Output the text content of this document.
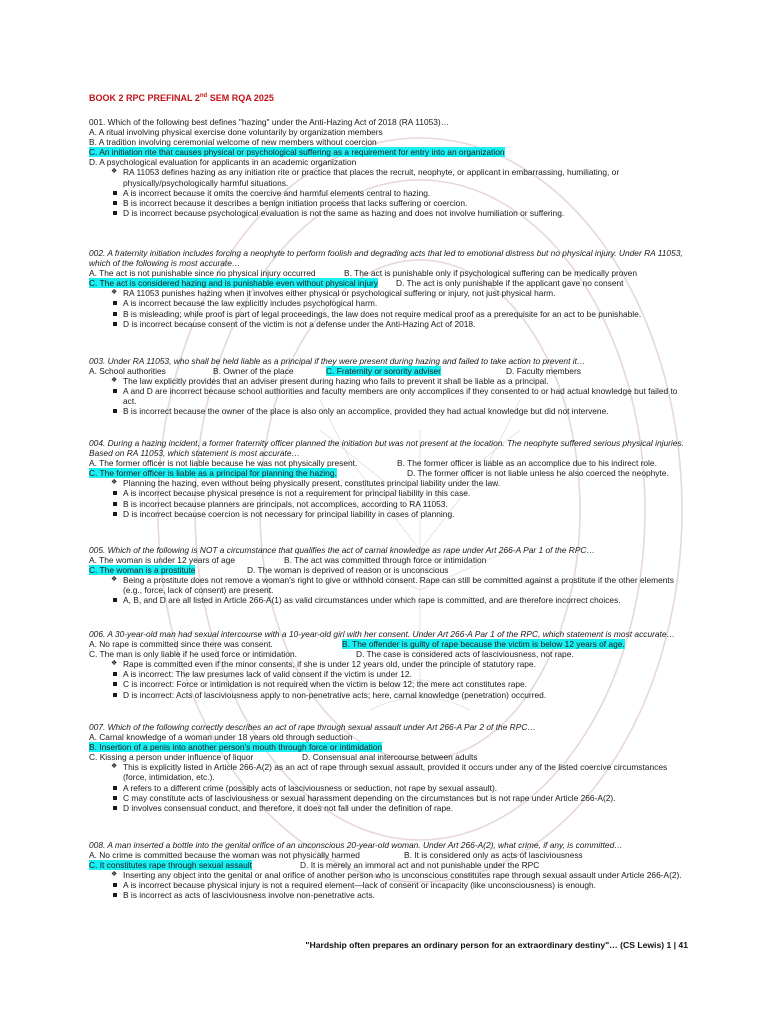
BOOK 2 RPC PREFINAL 2nd SEM RQA 2025
001. Which of the following best defines "hazing" under the Anti-Hazing Act of 2018 (RA 11053)…
A. A ritual involving physical exercise done voluntarily by organization members
B. A tradition involving ceremonial welcome of new members without coercion
C. An initiation rite that causes physical or psychological suffering as a requirement for entry into an organization
D. A psychological evaluation for applicants in an academic organization
❖ RA 11053 defines hazing as any initiation rite or practice that places the recruit, neophyte, or applicant in embarrassing, humiliating, or physically/psychologically harmful situations.
A is incorrect because it omits the coercive and harmful elements central to hazing.
B is incorrect because it describes a benign initiation process that lacks suffering or coercion.
D is incorrect because psychological evaluation is not the same as hazing and does not involve humiliation or suffering.
002. A fraternity initiation includes forcing a neophyte to perform foolish and degrading acts that led to emotional distress but no physical injury. Under RA 11053, which of the following is most accurate…
A. The act is not punishable since no physical injury occurred	B. The act is punishable only if psychological suffering can be medically proven
C. The act is considered hazing and is punishable even without physical injury D. The act is only punishable if the applicant gave no consent
❖ RA 11053 punishes hazing when it involves either physical or psychological suffering or injury, not just physical harm.
A is incorrect because the law explicitly includes psychological harm.
B is misleading; while proof is part of legal proceedings, the law does not require medical proof as a prerequisite for an act to be punishable.
D is incorrect because consent of the victim is not a defense under the Anti-Hazing Act of 2018.
003. Under RA 11053, who shall be held liable as a principal if they were present during hazing and failed to take action to prevent it…
A. School authorities	B. Owner of the place	C. Fraternity or sorority adviser	D. Faculty members
❖ The law explicitly provides that an adviser present during hazing who fails to prevent it shall be liable as a principal.
A and D are incorrect because school authorities and faculty members are only accomplices if they consented to or had actual knowledge but failed to act.
B is incorrect because the owner of the place is also only an accomplice, provided they had actual knowledge but did not intervene.
004. During a hazing incident, a former fraternity officer planned the initiation but was not present at the location. The neophyte suffered serious physical injuries. Based on RA 11053, which statement is most accurate…
A. The former officer is not liable because he was not physically present.	B. The former officer is liable as an accomplice due to his indirect role.
C. The former officer is liable as a principal for planning the hazing.	D. The former officer is not liable unless he also coerced the neophyte.
❖ Planning the hazing, even without being physically present, constitutes principal liability under the law.
A is incorrect because physical presence is not a requirement for principal liability in this case.
B is incorrect because planners are principals, not accomplices, according to RA 11053.
D is incorrect because coercion is not necessary for principal liability in cases of planning.
005. Which of the following is NOT a circumstance that qualifies the act of carnal knowledge as rape under Art 266-A Par 1 of the RPC…
A. The woman is under 12 years of age	B. The act was committed through force or intimidation
C. The woman is a prostitute	D. The woman is deprived of reason or is unconscious
❖ Being a prostitute does not remove a woman's right to give or withhold consent. Rape can still be committed against a prostitute if the other elements (e.g., force, lack of consent) are present.
A, B, and D are all listed in Article 266-A(1) as valid circumstances under which rape is committed, and are therefore incorrect choices.
006. A 30-year-old man had sexual intercourse with a 10-year-old girl with her consent. Under Art 266-A Par 1 of the RPC, which statement is most accurate…
A. No rape is committed since there was consent.	B. The offender is guilty of rape because the victim is below 12 years of age.
C. The man is only liable if he used force or intimidation.	D. The case is considered acts of lasciviousness, not rape.
❖ Rape is committed even if the minor consents, if she is under 12 years old, under the principle of statutory rape.
A is incorrect: The law presumes lack of valid consent if the victim is under 12.
C is incorrect: Force or intimidation is not required when the victim is below 12; the mere act constitutes rape.
D is incorrect: Acts of lasciviousness apply to non-penetrative acts; here, carnal knowledge (penetration) occurred.
007. Which of the following correctly describes an act of rape through sexual assault under Art 266-A Par 2 of the RPC…
A. Carnal knowledge of a woman under 18 years old through seduction
B. Insertion of a penis into another person's mouth through force or intimidation
C. Kissing a person under influence of liquor	D. Consensual anal intercourse between adults
❖ This is explicitly listed in Article 266-A(2) as an act of rape through sexual assault, provided it occurs under any of the listed coercive circumstances (force, intimidation, etc.).
A refers to a different crime (possibly acts of lasciviousness or seduction, not rape by sexual assault).
C may constitute acts of lasciviousness or sexual harassment depending on the circumstances but is not rape under Article 266-A(2).
D involves consensual conduct, and therefore, it does not fall under the definition of rape.
008. A man inserted a bottle into the genital orifice of an unconscious 20-year-old woman. Under Art 266-A(2), what crime, if any, is committed…
A. No crime is committed because the woman was not physically harmed	B. It is considered only as acts of lasciviousness
C. It constitutes rape through sexual assault	D. It is merely an immoral act and not punishable under the RPC
❖ Inserting any object into the genital or anal orifice of another person who is unconscious constitutes rape through sexual assault under Article 266-A(2).
A is incorrect because physical injury is not a required element—lack of consent or incapacity (like unconsciousness) is enough.
B is incorrect as acts of lasciviousness involve non-penetrative acts.
"Hardship often prepares an ordinary person for an extraordinary destiny"… (CS Lewis) 1 | 41
